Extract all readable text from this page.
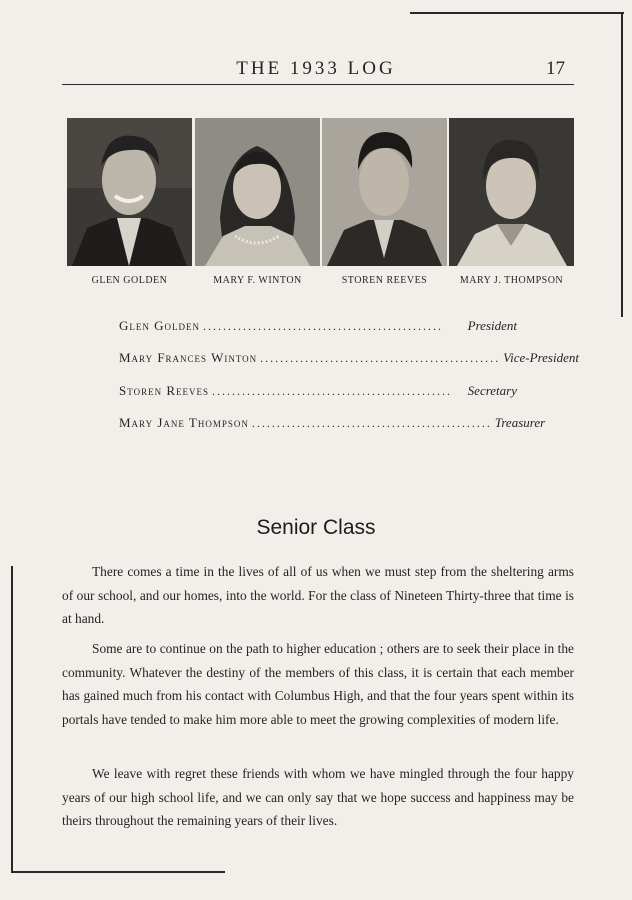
THE 1933 LOG	17
GLEN GOLDEN	MARY F. WINTON	STOREN REEVES	MARY J. THOMPSON
Glen Golden ................................................	President
Mary Frances Winton ................................................ Vice-President
Storen Reeves ................................................	Secretary
Mary Jane Thompson ................................................ Treasurer
Senior Class

There comes a time in the lives of all of us when we must step from the sheltering arms of our school, and our homes, into the world. For the class of Nineteen Thirty-three that time is at hand.

Some are to continue on the path to higher education ; others are to seek their place in the community. Whatever the destiny of the members of this class, it is certain that each member has gained much from his contact with Columbus High, and that the four years spent within its portals have tended to make him more able to meet the growing complexities of modern life.

We leave with regret these friends with whom we have mingled through the four happy years of our high school life, and we can only say that we hope success and happiness may be theirs throughout the remaining years of their lives.
